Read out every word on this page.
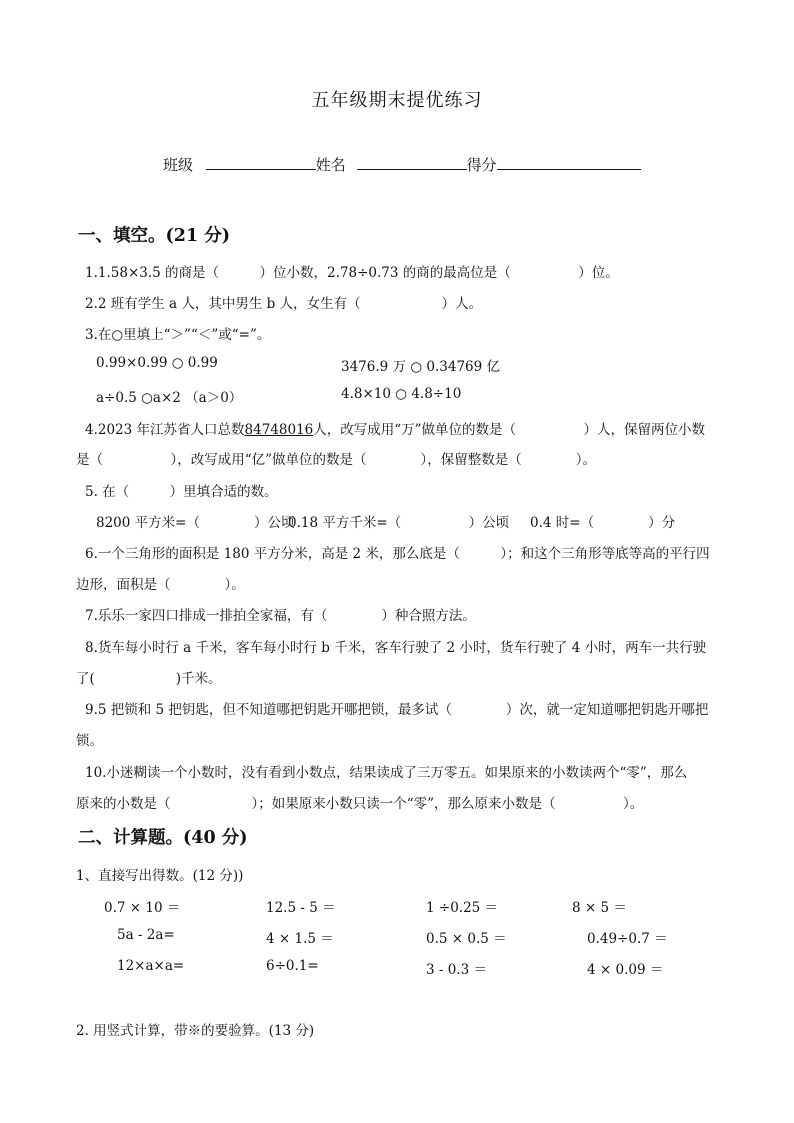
五年级期末提优练习
班级	姓名	得分
一、填空。(21 分)
1.1.58×3.5 的商是（　　　）位小数，2.78÷0.73 的商的最高位是（　　　　　）位。
2.2 班有学生 a 人，其中男生 b 人，女生有（　　　　　　）人。
3.在○里填上“＞”“＜”或“=”。
0.99×0.99 ○ 0.99	3476.9 万 ○ 0.34769 亿
a÷0.5 ○a×2 （a＞0）	4.8×10 ○ 4.8÷10
4.2023 年江苏省人口总数84748016人，改写成用“万”做单位的数是（　　　　　）人，保留两位小数
是（　　　　　），改写成用“亿”做单位的数是（　　　　），保留整数是（　　　　）。
5. 在（　　　）里填合适的数。
8200 平方米=（　　　　）公顷
0.18 平方千米=（　　　　　）公顷 0.4 时=（　　　　）分
6.一个三角形的面积是 180 平方分米，高是 2 米，那么底是（　　　）；和这个三角形等底等高的平行四
边形，面积是（　　　　）。
7.乐乐一家四口排成一排拍全家福，有（　　　　）种合照方法。
8.货车每小时行 a 千米，客车每小时行 b 千米，客车行驶了 2 小时，货车行驶了 4 小时，两车一共行驶
了(　　　　　　)千米。
9.5 把锁和 5 把钥匙，但不知道哪把钥匙开哪把锁，最多试（　　　　）次，就一定知道哪把钥匙开哪把
锁。
10.小迷糊读一个小数时，没有看到小数点，结果读成了三万零五。如果原来的小数读两个“零”，那么
原来的小数是（　　　　　　）；如果原来小数只读一个“零”，那么原来小数是（　　　　　）。
二、计算题。(40 分)
1、直接写出得数。(12 分))
0.7 × 10 ＝	12.5 - 5 ＝	1 ÷0.25 ＝	8 × 5 ＝
5a - 2a=	4 × 1.5 ＝	0.5 × 0.5 ＝	0.49÷0.7 ＝
12×a×a=	6÷0.1=	3 - 0.3 ＝	4 × 0.09 ＝
2. 用竖式计算，带※的要验算。(13 分)
